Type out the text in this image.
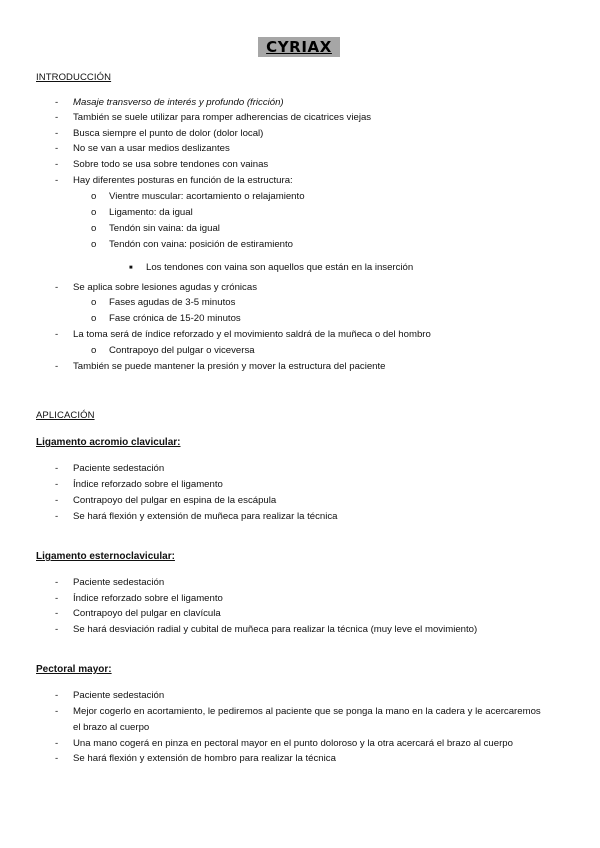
CYRIAX
INTRODUCCIÓN
- Masaje transverso de interés y profundo (fricción)
- También se suele utilizar para romper adherencias de cicatrices viejas
- Busca siempre el punto de dolor (dolor local)
- No se van a usar medios deslizantes
- Sobre todo se usa sobre tendones con vainas
- Hay diferentes posturas en función de la estructura:
o Vientre muscular: acortamiento o relajamiento
o Ligamento: da igual
o Tendón sin vaina: da igual
o Tendón con vaina: posición de estiramiento
■ Los tendones con vaina son aquellos que están en la inserción
- Se aplica sobre lesiones agudas y crónicas
o Fases agudas de 3-5 minutos
o Fase crónica de 15-20 minutos
- La toma será de índice reforzado y el movimiento saldrá de la muñeca o del hombro
o Contrapoyo del pulgar o viceversa
- También se puede mantener la presión y mover la estructura del paciente
APLICACIÓN
Ligamento acromio clavicular:
- Paciente sedestación
- Índice reforzado sobre el ligamento
- Contrapoyo del pulgar en espina de la escápula
- Se hará flexión y extensión de muñeca para realizar la técnica
Ligamento esternoclavicular:
- Paciente sedestación
- Índice reforzado sobre el ligamento
- Contrapoyo del pulgar en clavícula
- Se hará desviación radial y cubital de muñeca para realizar la técnica (muy leve el movimiento)
Pectoral mayor:
- Paciente sedestación
- Mejor cogerlo en acortamiento, le pediremos al paciente que se ponga la mano en la cadera y le acercaremos
el brazo al cuerpo
- Una mano cogerá en pinza en pectoral mayor en el punto doloroso y la otra acercará el brazo al cuerpo
- Se hará flexión y extensión de hombro para realizar la técnica
